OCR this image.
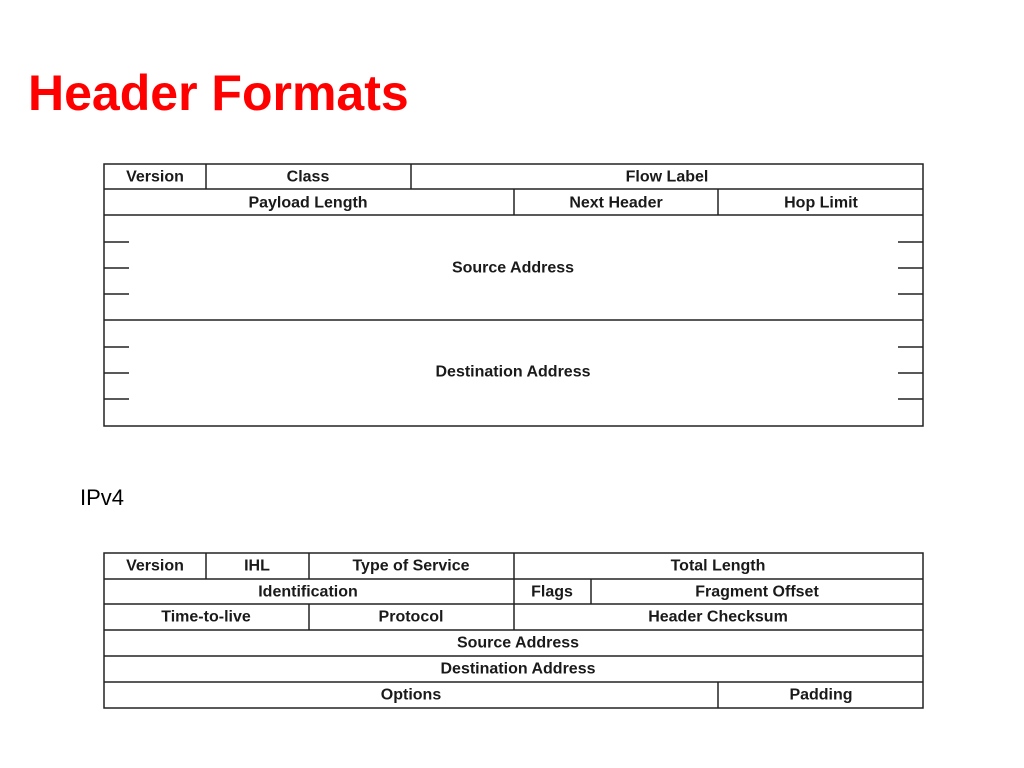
Header Formats
Version	Class	Flow Label
Payload Length	Next Header	Hop Limit
Source Address
Destination Address
IPv4
Version	IHL	Type of Service	Total Length
Identification	Flags	Fragment Offset
Time-to-live	Protocol	Header Checksum
Source Address
Destination Address
Options	Padding
